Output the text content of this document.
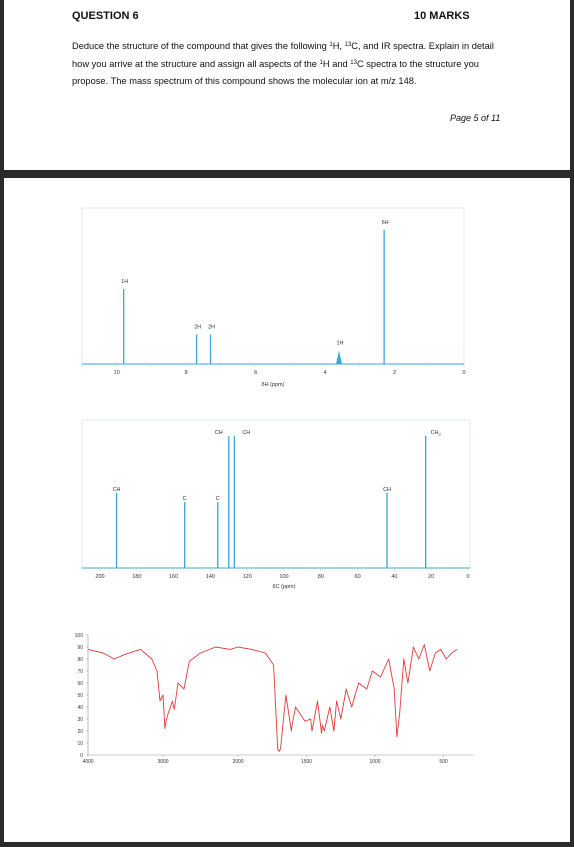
QUESTION 6	10 MARKS
Deduce the structure of the compound that gives the following $^1$H, $^{13}$C, and IR spectra. Explain in detail how you arrive at the structure and assign all aspects of the $^1$H and $^{13}$C spectra to the structure you propose. The mass spectrum of this compound shows the molecular ion at m/z 148.
Page 5 of 11
1H
2H 2H
1H
6H
10	8	6	4	2	0
δH (ppm)
CH
C	C
CH	CH
CH
$CH_3$
200	180	160	140	120	100	80	60	40	20	0
δC (ppm)
100
90
80
70
60
50
40
30
20
10
0
4000	3000	2000	1500	1000	500
